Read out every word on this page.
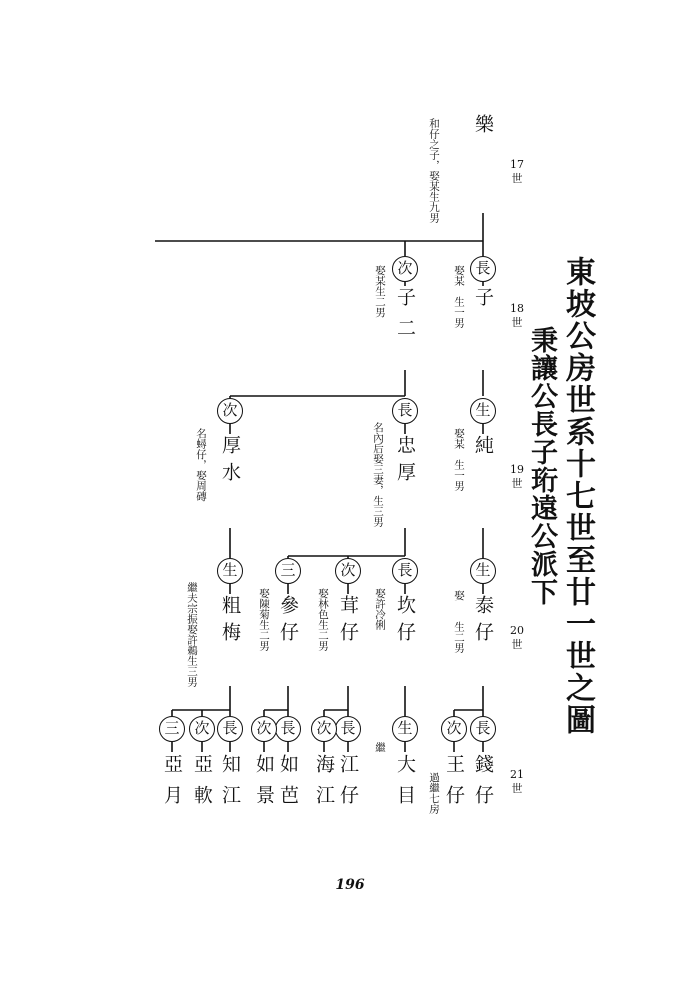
東坡公房世系十七世至廿一世之圖
秉讓公長子珩遠公派下
17
世
18
世
19
世
20
世
21
世
樂
和仔之子，娶某生九男
長
子
娶某　生一男
次
子二
娶某生二男
生
純
娶某　生一男
長
忠厚
名內后娶三妻，生三男
次
厚水
名蟳仔，娶周磚
生
泰仔
娶　　生二男
長
坎仔
娶許冷俐
次
茸仔
娶林色生二男
三
參仔
娶陳菊生二男
生
粗梅
繼夫宗振娶許鵜生三男
長
錢仔
次
王仔
過繼七房
生
大目
繼
長
江仔
次
海江
長
如芭
次
如景
長
知江
次
亞軟
三
亞月
196
